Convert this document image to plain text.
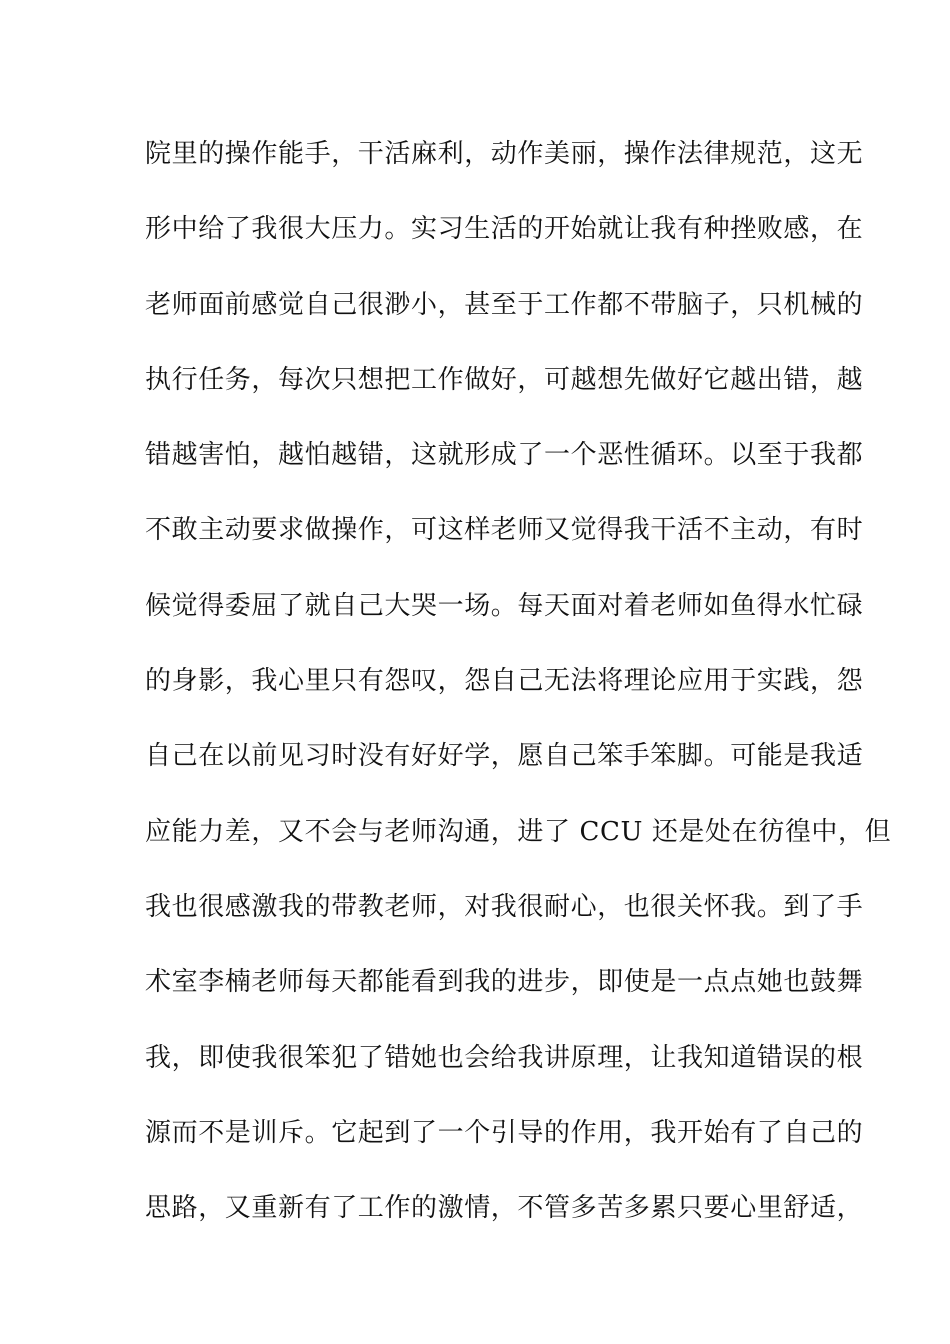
院里的操作能手，干活麻利，动作美丽，操作法律规范，这无
形中给了我很大压力。实习生活的开始就让我有种挫败感，在
老师面前感觉自己很渺小，甚至于工作都不带脑子，只机械的
执行任务，每次只想把工作做好，可越想先做好它越出错，越
错越害怕，越怕越错，这就形成了一个恶性循环。以至于我都
不敢主动要求做操作，可这样老师又觉得我干活不主动，有时
候觉得委屈了就自己大哭一场。每天面对着老师如鱼得水忙碌
的身影，我心里只有怨叹，怨自己无法将理论应用于实践，怨
自己在以前见习时没有好好学，愿自己笨手笨脚。可能是我适
应能力差，又不会与老师沟通，进了 CCU 还是处在彷徨中，但
我也很感激我的带教老师，对我很耐心，也很关怀我。到了手
术室李楠老师每天都能看到我的进步，即使是一点点她也鼓舞
我，即使我很笨犯了错她也会给我讲原理，让我知道错误的根
源而不是训斥。它起到了一个引导的作用，我开始有了自己的
思路，又重新有了工作的激情，不管多苦多累只要心里舒适，
